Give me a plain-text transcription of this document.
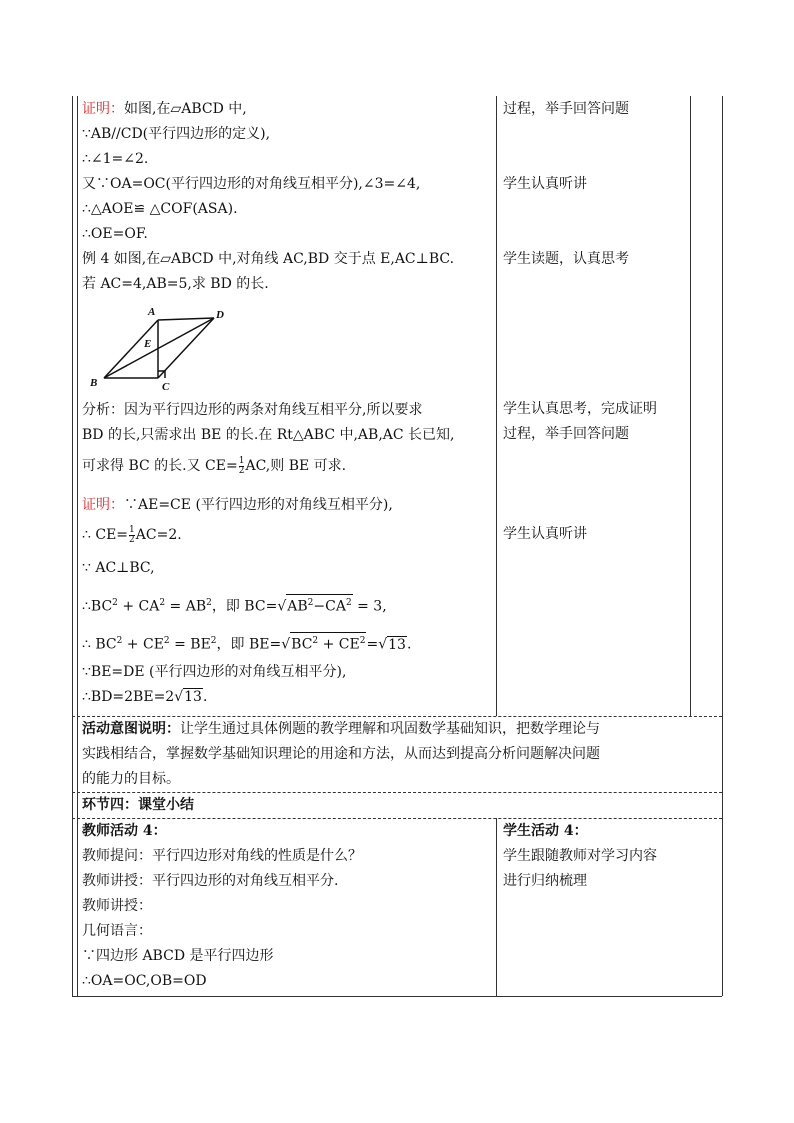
证明：如图,在▱ABCD 中,
∵AB//CD(平行四边形的定义),
∴∠1=∠2.
又∵OA=OC(平行四边形的对角线互相平分),∠3=∠4,
∴△AOE≌ △COF(ASA).
∴OE=OF.
例 4 如图,在▱ABCD 中,对角线 AC,BD 交于点 E,AC⊥BC.
若 AC=4,AB=5,求 BD 的长.
A	D
E
B	C
分析：因为平行四边形的两条对角线互相平分,所以要求
BD 的长,只需求出 BE 的长.在 Rt△ABC 中,AB,AC 长已知,
可求得 BC 的长.又 $CE= \frac{1}{2}$ AC,则 BE 可求.
证明：∵AE=CE (平行四边形的对角线互相平分),
∴ $CE= \frac{1}{2} AC=2$.
∵ AC⊥BC,
$\therefore BC^2 + CA^2 = AB^2$，即 $BC=√AB^2-CA^2 = 3$,
∴ $BC^2 + CE^2 = BE^2$，即 $BE=√BC^2 + CE^2=√13$.
∵BE=DE (平行四边形的对角线互相平分),
∴BD=2BE=2√13.
过程，举手回答问题
学生认真听讲
学生读题，认真思考
学生认真思考，完成证明
过程，举手回答问题
学生认真听讲
活动意图说明：让学生通过具体例题的教学理解和巩固数学基础知识，把数学理论与
实践相结合，掌握数学基础知识理论的用途和方法，从而达到提高分析问题解决问题
的能力的目标。
环节四：课堂小结
教师活动 4：
教师提问：平行四边形对角线的性质是什么？
教师讲授：平行四边形的对角线互相平分.
教师讲授：
几何语言：
∵四边形 ABCD 是平行四边形
∴OA=OC,OB=OD
学生活动 4：
学生跟随教师对学习内容
进行归纳梳理
